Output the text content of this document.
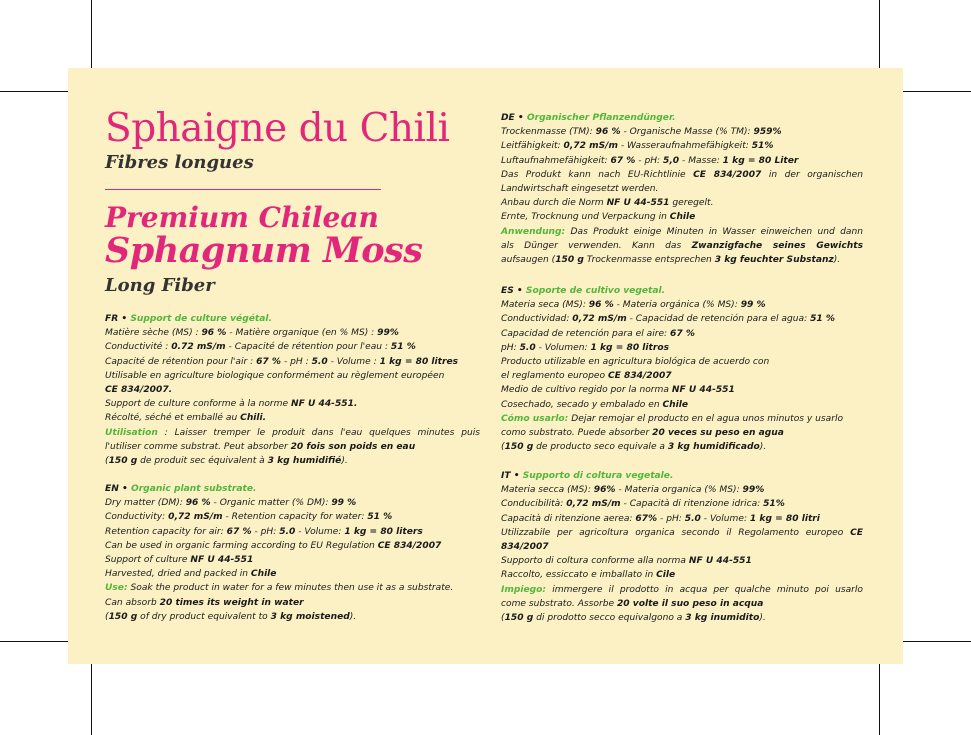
Sphaigne du Chili
Fibres longues
Premium Chilean
Sphagnum Moss
Long Fiber
FR • Support de culture végétal.
Matière sèche (MS) : 96 % - Matière organique (en % MS) : 99%
Conductivité : 0.72 mS/m - Capacité de rétention pour l'eau : 51 %
Capacité de rétention pour l'air : 67 % - pH : 5.0 - Volume : 1 kg = 80 litres
Utilisable en agriculture biologique conformément au règlement européen
CE 834/2007.
Support de culture conforme à la norme NF U 44-551.
Récolté, séché et emballé au Chili.
Utilisation : Laisser tremper le produit dans l'eau quelques minutes puis
l'utiliser comme substrat. Peut absorber 20 fois son poids en eau
(150 g de produit sec équivalent à 3 kg humidifié).
EN • Organic plant substrate.
Dry matter (DM): 96 % - Organic matter (% DM): 99 %
Conductivity: 0,72 mS/m - Retention capacity for water: 51 %
Retention capacity for air: 67 % - pH: 5.0 - Volume: 1 kg = 80 liters
Can be used in organic farming according to EU Regulation CE 834/2007
Support of culture NF U 44-551
Harvested, dried and packed in Chile
Use: Soak the product in water for a few minutes then use it as a substrate.
Can absorb 20 times its weight in water
(150 g of dry product equivalent to 3 kg moistened).
DE • Organischer Pflanzendünger.
Trockenmasse (TM): 96 % - Organische Masse (% TM): 959%
Leitfähigkeit: 0,72 mS/m - Wasseraufnahmefähigkeit: 51%
Luftaufnahmefähigkeit: 67 % - pH: 5,0 - Masse: 1 kg = 80 Liter
Das Produkt kann nach EU-Richtlinie CE 834/2007 in der organischen
Landwirtschaft eingesetzt werden.
Anbau durch die Norm NF U 44-551 geregelt.
Ernte, Trocknung und Verpackung in Chile
Anwendung: Das Produkt einige Minuten in Wasser einweichen und dann
als Dünger verwenden. Kann das Zwanzigfache seines Gewichts
aufsaugen (150 g Trockenmasse entsprechen 3 kg feuchter Substanz).
ES • Soporte de cultivo vegetal.
Materia seca (MS): 96 % - Materia orgánica (% MS): 99 %
Conductividad: 0,72 mS/m - Capacidad de retención para el agua: 51 %
Capacidad de retención para el aire: 67 %
pH: 5.0 - Volumen: 1 kg = 80 litros
Producto utilizable en agricultura biológica de acuerdo con
el reglamento europeo CE 834/2007
Medio de cultivo regido por la norma NF U 44-551
Cosechado, secado y embalado en Chile
Cómo usarlo: Dejar remojar el producto en el agua unos minutos y usarlo
como substrato. Puede absorber 20 veces su peso en agua
(150 g de producto seco equivale a 3 kg humidificado).
IT • Supporto di coltura vegetale.
Materia secca (MS): 96% - Materia organica (% MS): 99%
Conducibilità: 0,72 mS/m - Capacità di ritenzione idrica: 51%
Capacità di ritenzione aerea: 67% - pH: 5.0 - Volume: 1 kg = 80 litri
Utilizzabile per agricoltura organica secondo il Regolamento europeo CE
834/2007
Supporto di coltura conforme alla norma NF U 44-551
Raccolto, essiccato e imballato in Cile
Impiego: immergere il prodotto in acqua per qualche minuto poi usarlo
come substrato. Assorbe 20 volte il suo peso in acqua
(150 g di prodotto secco equivalgono a 3 kg inumidito).
